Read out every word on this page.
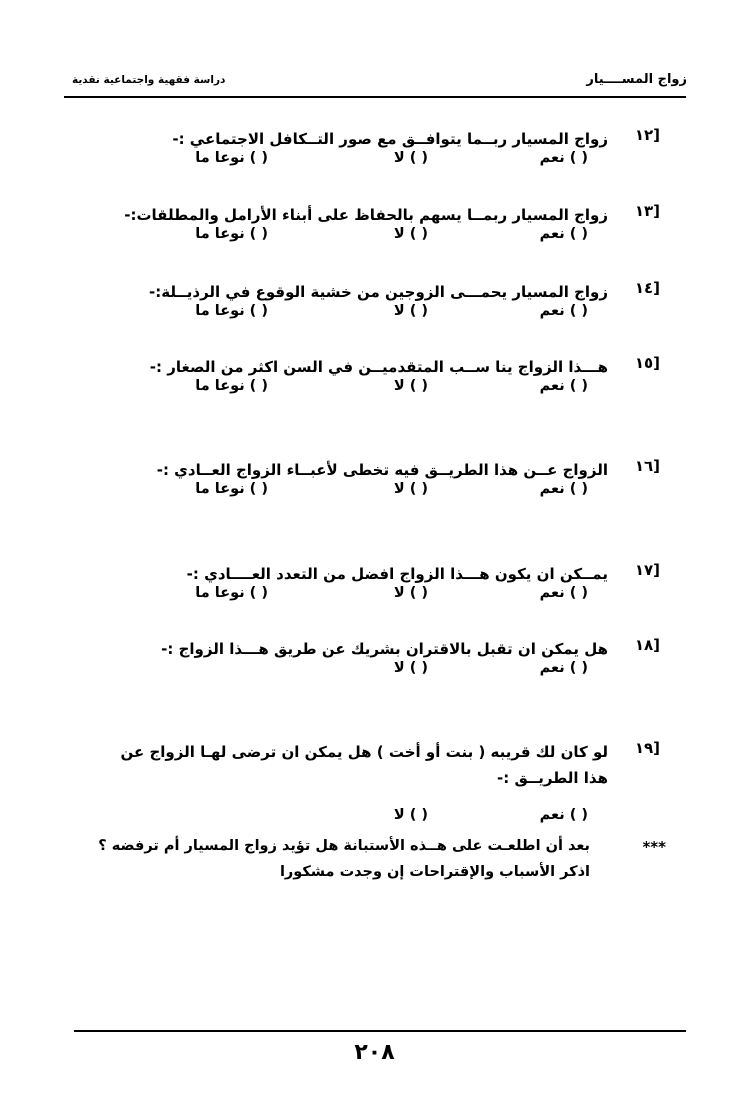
زواج المســــيار
دراسة فقهية واجتماعية نقدية
[١٢
زواج المسيار ربــما يتوافــق مع صور التــكافل الاجتماعي :-
( ) نعم
( ) لا
( ) نوعا ما
[١٣
زواج المسيار ربمــا يسهم بالحفاظ على أبناء الأرامل والمطلقات:-
( ) نعم
( ) لا
( ) نوعا ما
[١٤
زواج المسيار يحمـــى الزوجين من خشية الوقوع في الرذيــلة:-
( ) نعم
( ) لا
( ) نوعا ما
[١٥
هـــذا الزواج ينا ســب المتقدميــن في السن اكثر من الصغار :-
( ) نعم
( ) لا
( ) نوعا ما
[١٦
الزواج عــن هذا الطريــق فيه تخطى لأعبــاء الزواج العــادي :-
( ) نعم
( ) لا
( ) نوعا ما
[١٧
يمــكن ان يكون هـــذا الزواج افضل من التعدد العــــادي :-
( ) نعم
( ) لا
( ) نوعا ما
[١٨
هل يمكن ان تقبل بالاقتران بشريك عن طريق هـــذا الزواج :-
( ) نعم
( ) لا
[١٩
لو كان لك قريبه ( بنت أو أخت ) هل يمكن ان ترضى لهـا الزواج عن هذا الطريــق :-
( ) نعم
( ) لا
***
بعد أن اطلعـت على هــذه الأستبانة هل تؤيد زواج المسيار أم ترفضه ؟
اذكر الأسباب والإقتراحات إن وجدت مشكورا
٢٠٨
